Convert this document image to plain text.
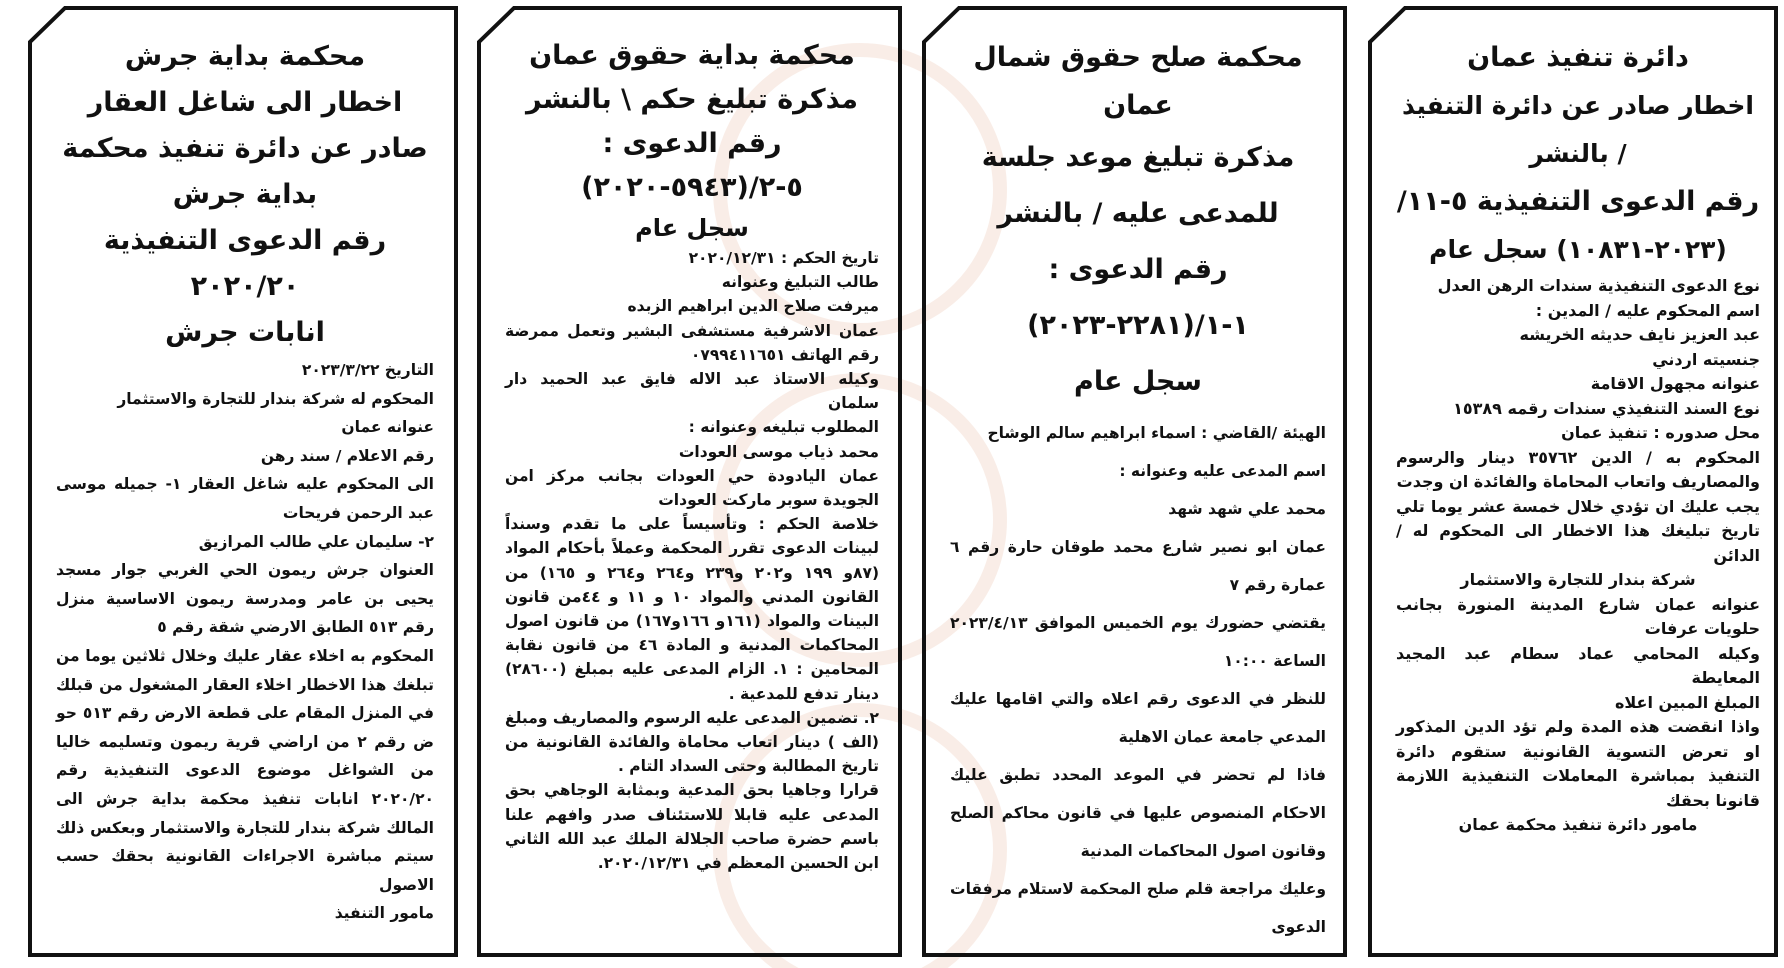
دائرة تنفيذ عمان
اخطار صادر عن دائرة التنفيذ / بالنشر
رقم الدعوى التنفيذية ٥-١١/
(٢٠٢٣-١٠٨٣١) سجل عام

نوع الدعوى التنفيذية سندات الرهن العدل

اسم المحكوم عليه / المدين :

عبد العزيز نايف حديثه الخريشه

جنسيته اردني

عنوانه مجهول الاقامة

نوع السند التنفيذي سندات رقمه ١٥٣٨٩

محل صدوره : تنفيذ عمان

المحكوم به / الدين ٣٥٧٦٢ دينار والرسوم والمصاريف واتعاب المحاماة والفائدة ان وجدت

يجب عليك ان تؤدي خلال خمسة عشر يوما تلي تاريخ تبليغك هذا الاخطار الى المحكوم له / الدائن

شركة بندار للتجارة والاستثمار

عنوانه عمان شارع المدينة المنورة بجانب حلويات عرفات

وكيله المحامي عماد سطام عبد المجيد المعايطة

المبلغ المبين اعلاه

واذا انقضت هذه المدة ولم تؤد الدين المذكور او تعرض التسوية القانونية ستقوم دائرة التنفيذ بمباشرة المعاملات التنفيذية اللازمة قانونا بحقك

مامور دائرة تنفيذ محكمة عمان

محكمة صلح حقوق شمال عمان
مذكرة تبليغ موعد جلسة للمدعى عليه / بالنشر
رقم الدعوى : ١-١/(٢٢٨١-٢٠٢٣)
سجل عام

الهيئة /القاضي : اسماء ابراهيم سالم الوشاح

اسم المدعى عليه وعنوانه :

محمد علي شهد شهد

عمان ابو نصير شارع محمد طوقان حارة رقم ٦ عمارة رقم ٧

يقتضي حضورك يوم الخميس الموافق ٢٠٢٣/٤/١٣ الساعة ١٠:٠٠

للنظر في الدعوى رقم اعلاه والتي اقامها عليك المدعي جامعة عمان الاهلية

فاذا لم تحضر في الموعد المحدد تطبق عليك الاحكام المنصوص عليها في قانون محاكم الصلح وقانون اصول المحاكمات المدنية

وعليك مراجعة قلم صلح المحكمة لاستلام مرفقات الدعوى

محكمة بداية حقوق عمان
مذكرة تبليغ حكم \ بالنشر
رقم الدعوى : ٥-٢/(٥٩٤٣-٢٠٢٠)
سجل عام

تاريخ الحكم : ٢٠٢٠/١٢/٣١

طالب التبليغ وعنوانه

ميرفت صلاح الدين ابراهيم الزبده

عمان الاشرفية مستشفى البشير وتعمل ممرضة رقم الهاتف ٠٧٩٩٤١١٦٥١

وكيله الاستاذ عبد الاله فايق عبد الحميد دار سلمان

المطلوب تبليغه وعنوانه :

محمد ذياب موسى العودات

عمان اليادودة حي العودات بجانب مركز امن الجويدة سوبر ماركت العودات

خلاصة الحكم : وتأسيساً على ما تقدم وسنداً لبينات الدعوى تقرر المحكمة وعملاً بأحكام المواد (٨٧و ١٩٩ و٢٠٢ و٢٣٩ و٢٦٤ و٢٦٤ و ١٦٥) من القانون المدني والمواد ١٠ و ١١ و ٤٤من قانون البينات والمواد (١٦١و ١٦٦و١٦٧) من قانون اصول المحاكمات المدنية و المادة ٤٦ من قانون نقابة المحامين : ١. الزام المدعى عليه بمبلغ (٢٨٦٠٠) دينار تدفع للمدعية .

٢. تضمين المدعى عليه الرسوم والمصاريف ومبلغ (الف ) دينار اتعاب محاماة والفائدة القانونية من تاريخ المطالبة وحتى السداد التام .

قرارا وجاهيا بحق المدعية وبمثابة الوجاهي بحق المدعى عليه قابلا للاستئناف صدر وافهم علنا باسم حضرة صاحب الجلالة الملك عبد الله الثاني ابن الحسين المعظم في ٢٠٢٠/١٢/٣١.

محكمة بداية جرش
اخطار الى شاغل العقار صادر عن دائرة تنفيذ محكمة بداية جرش
رقم الدعوى التنفيذية ٢٠٢٠/٢٠
انابات جرش

التاريخ ٢٠٢٣/٣/٢٢

المحكوم له شركة بندار للتجارة والاستثمار

عنوانه عمان

رقم الاعلام / سند رهن

الى المحكوم عليه شاغل العقار ١- جميله موسى عبد الرحمن فريحات

٢- سليمان علي طالب المرازيق

العنوان جرش ريمون الحي الغربي جوار مسجد يحيى بن عامر ومدرسة ريمون الاساسية منزل رقم ٥١٣ الطابق الارضي شقة رقم ٥

المحكوم به اخلاء عقار عليك وخلال ثلاثين يوما من تبلغك هذا الاخطار اخلاء العقار المشغول من قبلك في المنزل المقام على قطعة الارض رقم ٥١٣ حو ض رقم ٢ من اراضي قرية ريمون وتسليمه خاليا من الشواغل موضوع الدعوى التنفيذية رقم ٢٠٢٠/٢٠ انابات تنفيذ محكمة بداية جرش الى المالك شركة بندار للتجارة والاستثمار وبعكس ذلك سيتم مباشرة الاجراءات القانونية بحقك حسب الاصول

مامور التنفيذ
